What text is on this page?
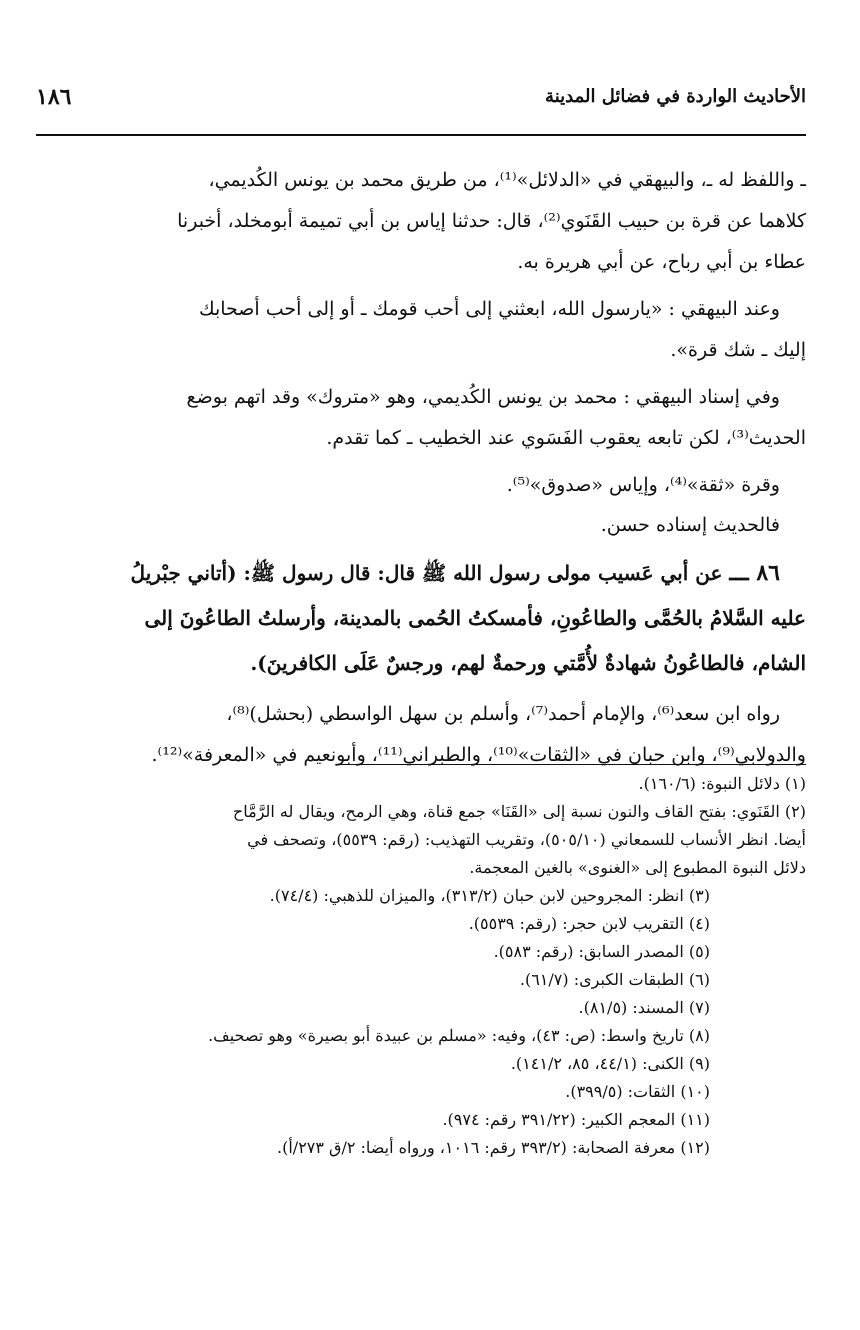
الأحاديث الواردة في فضائل المدينة
١٨٦

ـ واللفظ له ـ، والبيهقي في «الدلائل»⁽¹⁾، من طريق محمد بن يونس الكُديمي،

كلاهما عن قرة بن حبيب القَنَوي⁽²⁾، قال: حدثنا إياس بن أبي تميمة أبومخلد، أخبرنا

عطاء بن أبي رباح، عن أبي هريرة به.

وعند البيهقي : «يارسول الله، ابعثني إلى أحب قومك ـ أو إلى أحب أصحابك

إليك ـ شك قرة».

وفي إسناد البيهقي : محمد بن يونس الكُديمي، وهو «متروك» وقد اتهم بوضع

الحديث⁽³⁾، لكن تابعه يعقوب الفَسَوي عند الخطيب ـ كما تقدم.

وقرة «ثقة»⁽⁴⁾، وإياس «صدوق»⁽⁵⁾.

فالحديث إسناده حسن.

٨٦ ـــ عن أبي عَسيب مولى رسول الله ﷺ قال: قال رسول ﷺ: (أتاني جبْريلُ

عليه السَّلامُ بالحُمَّى والطاعُونِ، فأمسكتُ الحُمى بالمدينة، وأرسلتُ الطاعُونَ إلى

الشام، فالطاعُونُ شهادةٌ لأُمَّتي ورحمةٌ لهم، ورجسٌ عَلَى الكافرينَ).

رواه ابن سعد⁽⁶⁾، والإمام أحمد⁽⁷⁾، وأسلم بن سهل الواسطي (بحشل)⁽⁸⁾،

والدولابي⁽⁹⁾، وابن حبان في «الثقات»⁽¹⁰⁾، والطبراني⁽¹¹⁾، وأبونعيم في «المعرفة»⁽¹²⁾.

(١) دلائل النبوة: (١٦٠/٦).

(٢) القَنَوي: بفتح القاف والنون نسبة إلى «القَنَا» جمع قناة، وهي الرمح، ويقال له الرَّمَّاح

أيضا. انظر الأنساب للسمعاني (٥٠٥/١٠)، وتقريب التهذيب: (رقم: ٥٥٣٩)، وتصحف في

دلائل النبوة المطبوع إلى «الغنوى» بالغين المعجمة.

(٣) انظر: المجروحين لابن حبان (٣١٣/٢)، والميزان للذهبي: (٧٤/٤).

(٤) التقريب لابن حجر: (رقم: ٥٥٣٩).

(٥) المصدر السابق: (رقم: ٥٨٣).

(٦) الطبقات الكبرى: (٦١/٧).

(٧) المسند: (٨١/٥).

(٨) تاريخ واسط: (ص: ٤٣)، وفيه: «مسلم بن عبيدة أبو بصيرة» وهو تصحيف.

(٩) الكنى: (٤٤/١، ٨٥، ١٤١/٢).

(١٠) الثقات: (٣٩٩/٥).

(١١) المعجم الكبير: (٣٩١/٢٢ رقم: ٩٧٤).

(١٢) معرفة الصحابة: (٣٩٣/٢ رقم: ١٠١٦، ورواه أيضا: ٢/ق ٢٧٣/أ).
